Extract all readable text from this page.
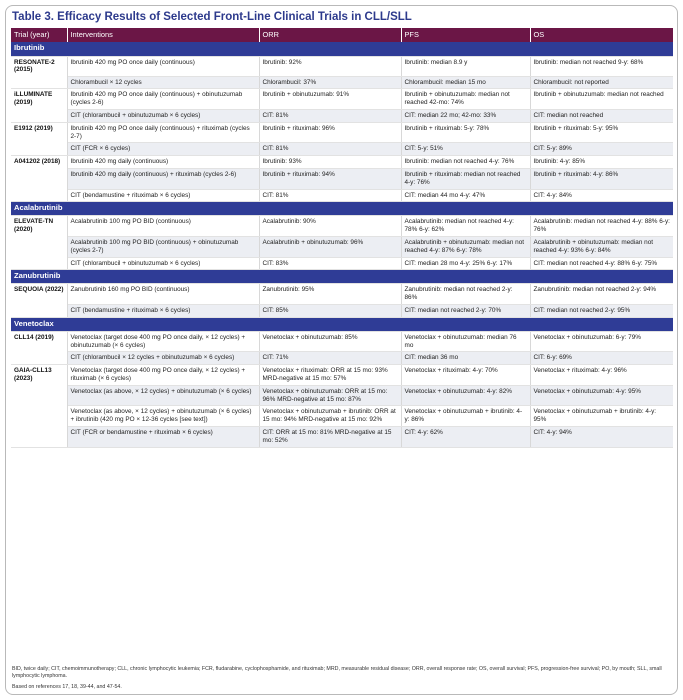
Table 3. Efficacy Results of Selected Front-Line Clinical Trials in CLL/SLL
Trial (year)	Interventions	ORR	PFS	OS
Ibrutinib				
RESONATE-2 (2015)	Ibrutinib 420 mg PO once daily (continuous)	Ibrutinib: 92%	Ibrutinib: median 8.9 y	Ibrutinib: median not reached 9-y: 68%
	Chlorambucil × 12 cycles	Chlorambucil: 37%	Chlorambucil: median 15 mo	Chlorambucil: not reported
iLLUMINATE (2019)	Ibrutinib 420 mg PO once daily (continuous) + obinutuzumab (cycles 2-6)	Ibrutinib + obinutuzumab: 91%	Ibrutinib + obinutuzumab: median not reached 42-mo: 74%	Ibrutinib + obinutuzumab: median not reached
	CIT (chlorambucil + obinutuzumab × 6 cycles)	CIT: 81%	CIT: median 22 mo; 42-mo: 33%	CIT: median not reached
E1912 (2019)	Ibrutinib 420 mg PO once daily (continuous) + rituximab (cycles 2-7)	Ibrutinib + rituximab: 96%	Ibrutinib + rituximab: 5-y: 78%	Ibrutinib + rituximab: 5-y: 95%
	CIT (FCR × 6 cycles)	CIT: 81%	CIT: 5-y: 51%	CIT: 5-y: 89%
A041202 (2018)	Ibrutinib 420 mg daily (continuous)	Ibrutinib: 93%	Ibrutinib: median not reached 4-y: 76%	Ibrutinib: 4-y: 85%
	Ibrutinib 420 mg daily (continuous) + rituximab (cycles 2-6)	Ibrutinib + rituximab: 94%	Ibrutinib + rituximab: median not reached 4-y: 76%	Ibrutinib + rituximab: 4-y: 86%
	CIT (bendamustine + rituximab × 6 cycles)	CIT: 81%	CIT: median 44 mo 4-y: 47%	CIT: 4-y: 84%
Acalabrutinib				
ELEVATE-TN (2020)	Acalabrutinib 100 mg PO BID (continuous)	Acalabrutinib: 90%	Acalabrutinib: median not reached 4-y: 78% 6-y: 62%	Acalabrutinib: median not reached 4-y: 88% 6-y: 76%
	Acalabrutinib 100 mg PO BID (continuous) + obinutuzumab (cycles 2-7)	Acalabrutinib + obinutuzumab: 96%	Acalabrutinib + obinutuzumab: median not reached 4-y: 87% 6-y: 78%	Acalabrutinib + obinutuzumab: median not reached 4-y: 93% 6-y: 84%
	CIT (chlorambucil + obinutuzumab × 6 cycles)	CIT: 83%	CIT: median 28 mo 4-y: 25% 6-y: 17%	CIT: median not reached 4-y: 88% 6-y: 75%
Zanubrutinib				
SEQUOIA (2022)	Zanubrutinib 160 mg PO BID (continuous)	Zanubrutinib: 95%	Zanubrutinib: median not reached 2-y: 86%	Zanubrutinib: median not reached 2-y: 94%
	CIT (bendamustine + rituximab × 6 cycles)	CIT: 85%	CIT: median not reached 2-y: 70%	CIT: median not reached 2-y: 95%
Venetoclax				
CLL14 (2019)	Venetoclax (target dose 400 mg PO once daily, × 12 cycles) + obinutuzumab (× 6 cycles)	Venetoclax + obinutuzumab: 85%	Venetoclax + obinutuzumab: median 76 mo	Venetoclax + obinutuzumab: 6-y: 79%
	CIT (chlorambucil × 12 cycles + obinutuzumab × 6 cycles)	CIT: 71%	CIT: median 36 mo	CIT: 6-y: 69%
GAIA-CLL13 (2023)	Venetoclax (target dose 400 mg PO once daily, × 12 cycles) + rituximab (× 6 cycles)	Venetoclax + rituximab: ORR at 15 mo: 93% MRD-negative at 15 mo: 57%	Venetoclax + rituximab: 4-y: 70%	Venetoclax + rituximab: 4-y: 96%
	Venetoclax (as above, × 12 cycles) + obinutuzumab (× 6 cycles)	Venetoclax + obinutuzumab: ORR at 15 mo: 96% MRD-negative at 15 mo: 87%	Venetoclax + obinutuzumab: 4-y: 82%	Venetoclax + obinutuzumab: 4-y: 95%
	Venetoclax (as above, × 12 cycles) + obinutuzumab (× 6 cycles) + ibrutinib (420 mg PO × 12-36 cycles [see text])	Venetoclax + obinutuzumab + ibrutinib: ORR at 15 mo: 94% MRD-negative at 15 mo: 92%	Venetoclax + obinutuzumab + ibrutinib: 4-y: 86%	Venetoclax + obinutuzumab + ibrutinib: 4-y: 95%
	CIT (FCR or bendamustine + rituximab × 6 cycles)	CIT: ORR at 15 mo: 81% MRD-negative at 15 mo: 52%	CIT: 4-y: 62%	CIT: 4-y: 94%
BID, twice daily; CIT, chemoimmunotherapy; CLL, chronic lymphocytic leukemia; FCR, fludarabine, cyclophosphamide, and rituximab; MRD, measurable residual disease; ORR, overall response rate; OS, overall survival; PFS, progression-free survival; PO, by mouth; SLL, small lymphocytic lymphoma.
Based on references 17, 18, 39-44, and 47-54.
